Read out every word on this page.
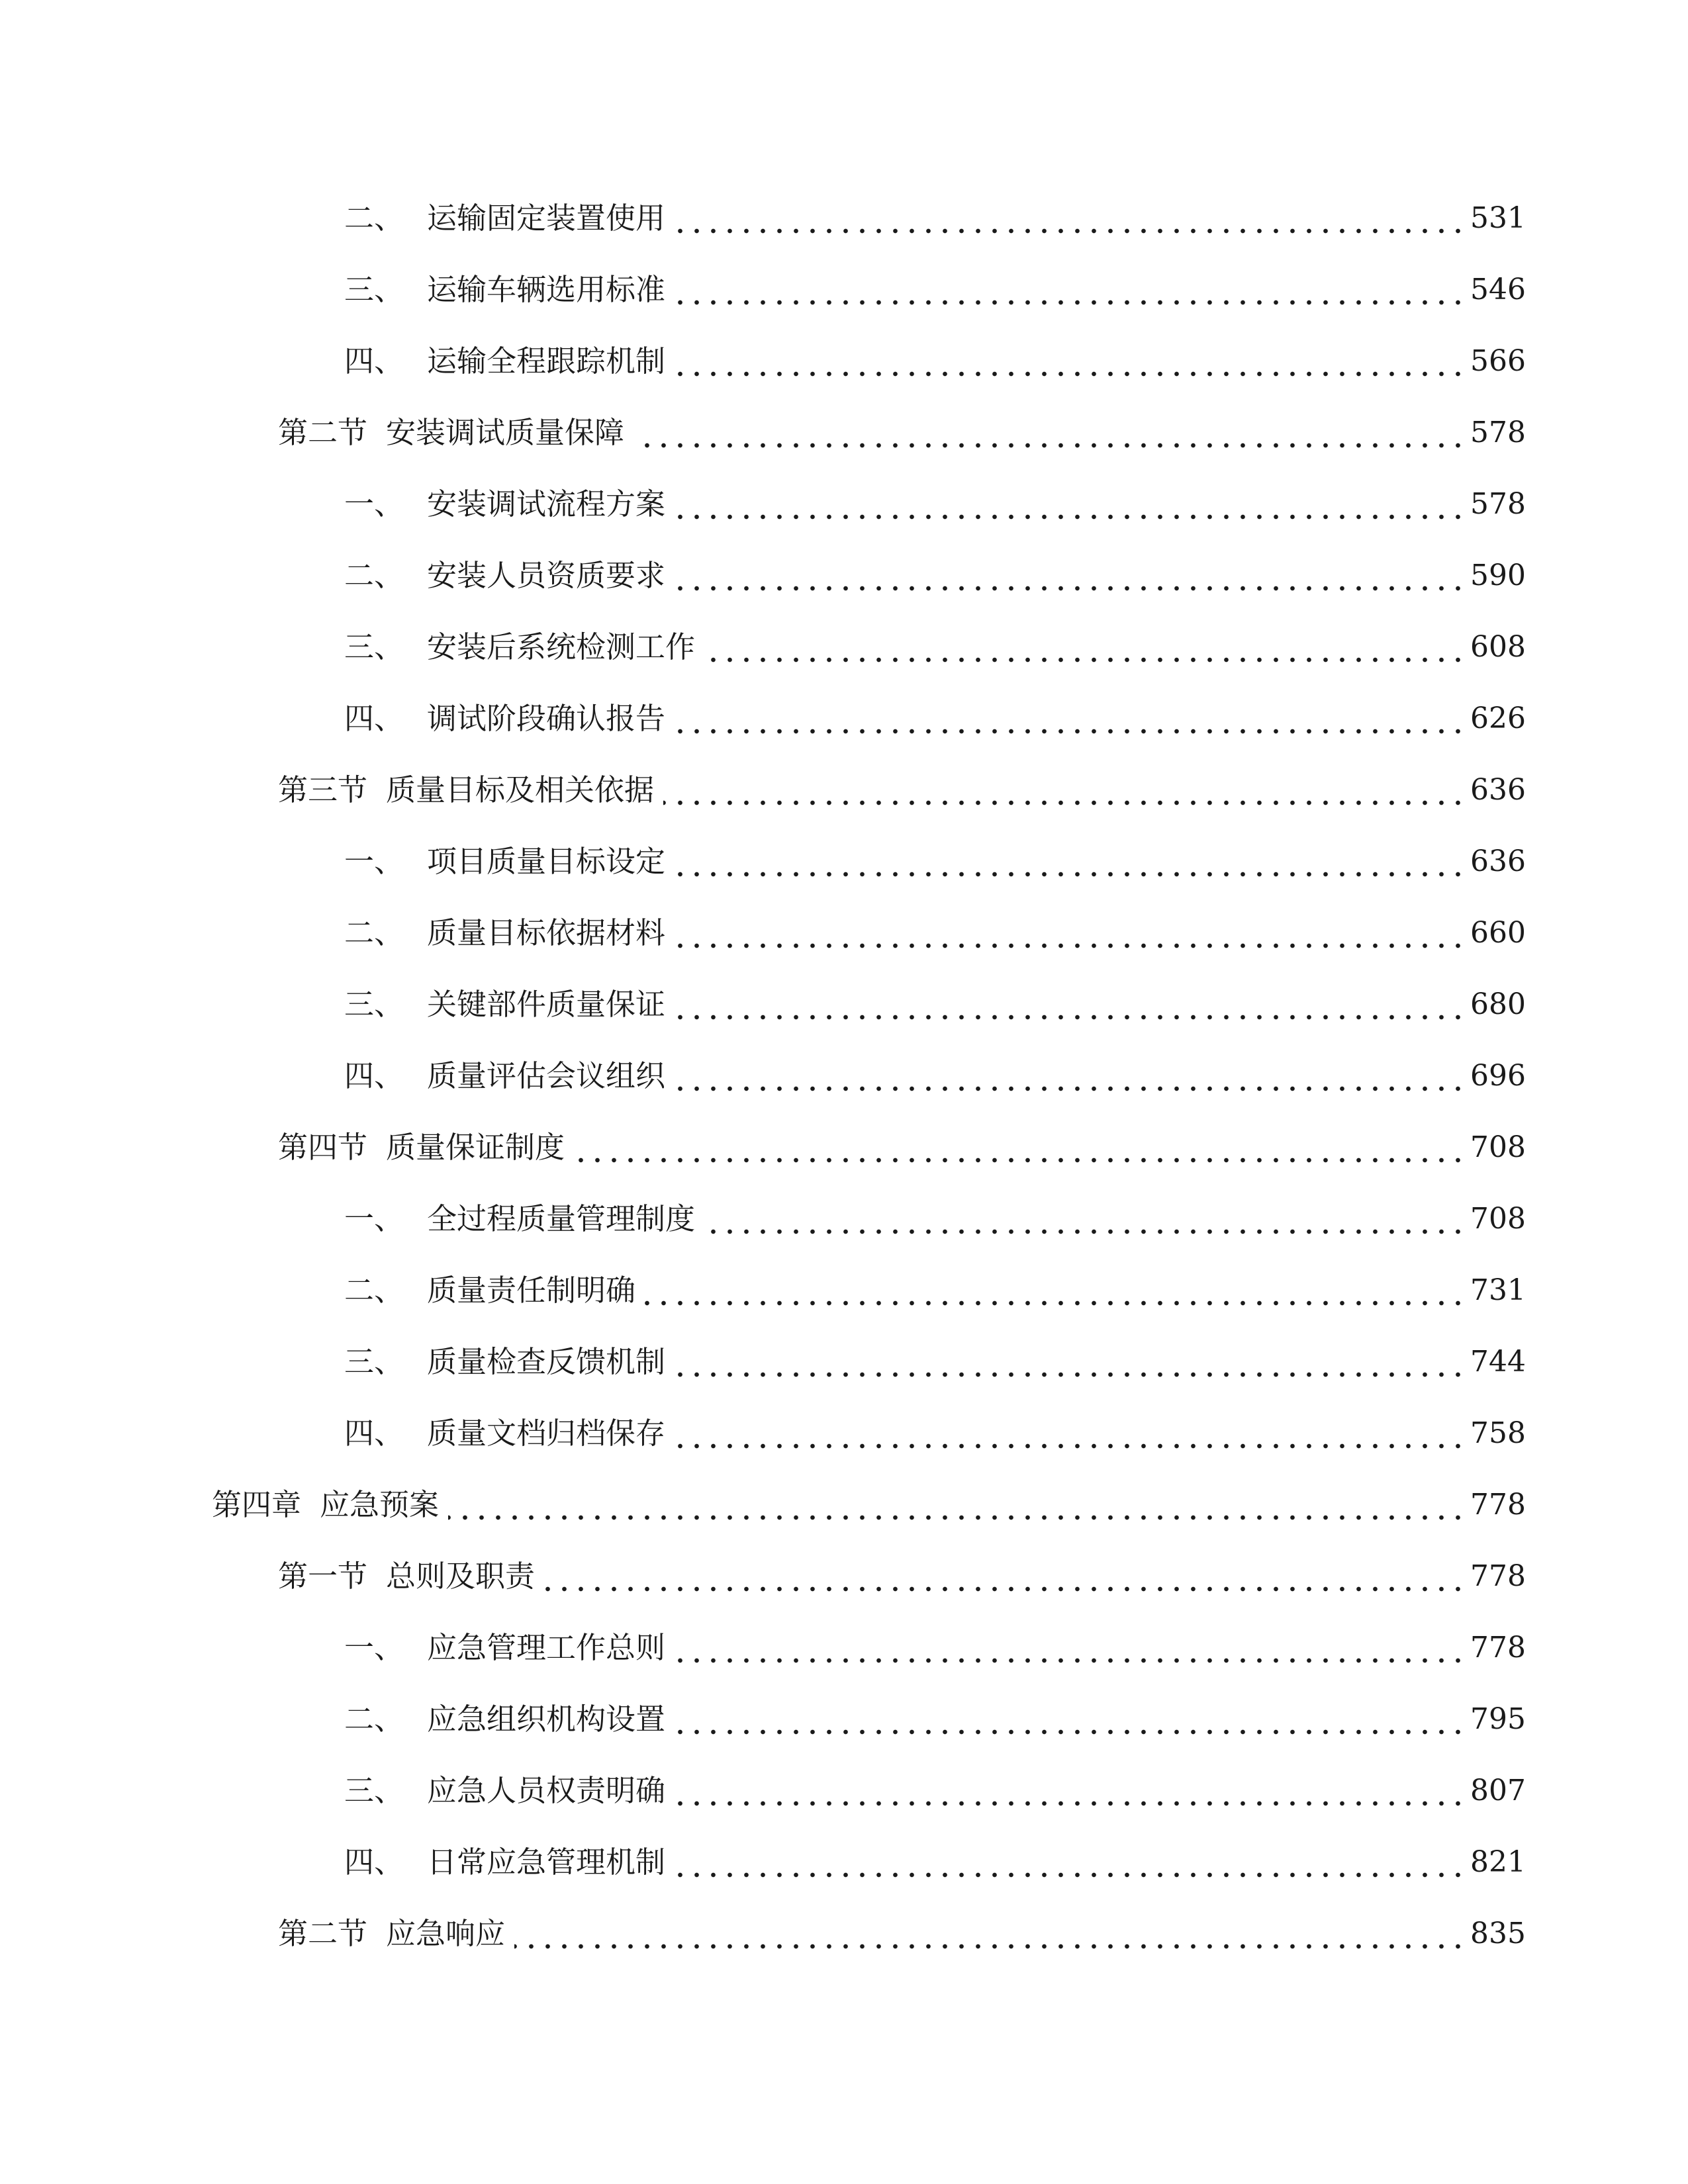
二、 运输固定装置使用	531
三、 运输车辆选用标准	546
四、 运输全程跟踪机制	566
第二节 安装调试质量保障	578
一、 安装调试流程方案	578
二、 安装人员资质要求	590
三、 安装后系统检测工作	608
四、 调试阶段确认报告	626
第三节 质量目标及相关依据	636
一、 项目质量目标设定	636
二、 质量目标依据材料	660
三、 关键部件质量保证	680
四、 质量评估会议组织	696
第四节 质量保证制度	708
一、 全过程质量管理制度	708
二、 质量责任制明确	731
三、 质量检查反馈机制	744
四、 质量文档归档保存	758
第四章 应急预案	778
第一节 总则及职责	778
一、 应急管理工作总则	778
二、 应急组织机构设置	795
三、 应急人员权责明确	807
四、 日常应急管理机制	821
第二节 应急响应	835
